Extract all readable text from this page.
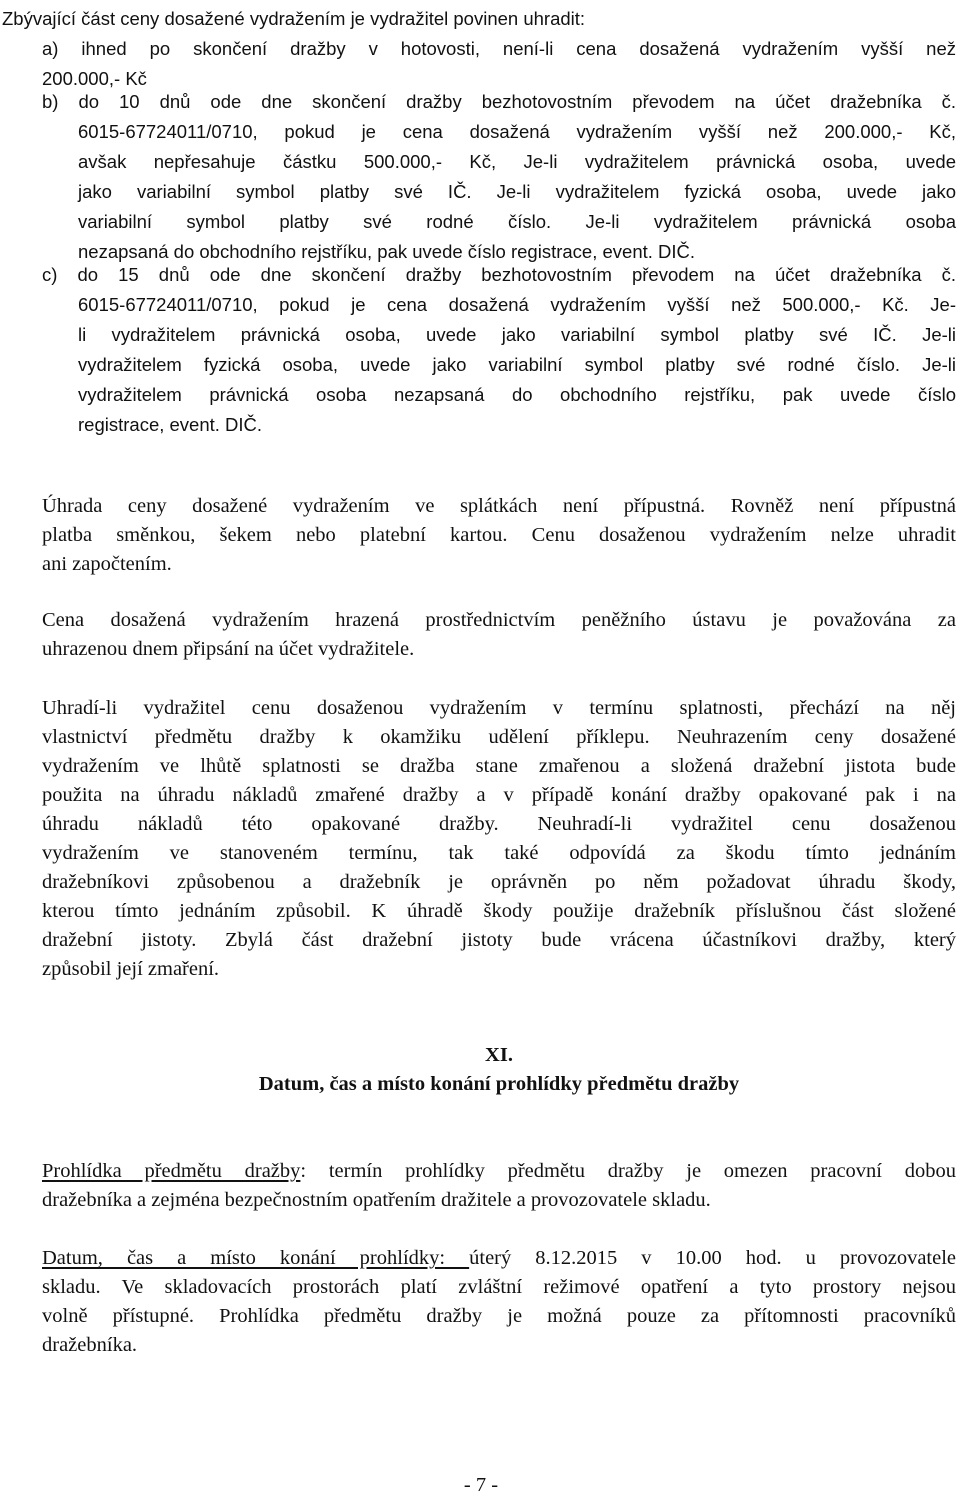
Zbývající část ceny dosažené vydražením je vydražitel povinen uhradit:
a) ihned po skončení dražby v hotovosti, není-li cena dosažená vydražením vyšší než
200.000,- Kč
b) do 10 dnů ode dne skončení dražby bezhotovostním převodem na účet dražebníka č.
6015-67724011/0710, pokud je cena dosažená vydražením vyšší než 200.000,- Kč,
avšak nepřesahuje částku 500.000,- Kč, Je-li vydražitelem právnická osoba, uvede
jako variabilní symbol platby své IČ. Je-li vydražitelem fyzická osoba, uvede jako
variabilní symbol platby své rodné číslo. Je-li vydražitelem právnická osoba
nezapsaná do obchodního rejstříku, pak uvede číslo registrace, event. DIČ.
c) do 15 dnů ode dne skončení dražby bezhotovostním převodem na účet dražebníka č.
6015-67724011/0710, pokud je cena dosažená vydražením vyšší než 500.000,- Kč. Je-
li vydražitelem právnická osoba, uvede jako variabilní symbol platby své IČ. Je-li
vydražitelem fyzická osoba, uvede jako variabilní symbol platby své rodné číslo. Je-li
vydražitelem právnická osoba nezapsaná do obchodního rejstříku, pak uvede číslo
registrace, event. DIČ.
Úhrada ceny dosažené vydražením ve splátkách není přípustná. Rovněž není přípustná
platba směnkou, šekem nebo platební kartou. Cenu dosaženou vydražením nelze uhradit
ani započtením.
Cena dosažená vydražením hrazená prostřednictvím peněžního ústavu je považována za
uhrazenou dnem připsání na účet vydražitele.
Uhradí-li vydražitel cenu dosaženou vydražením v termínu splatnosti, přechází na něj
vlastnictví předmětu dražby k okamžiku udělení příklepu. Neuhrazením ceny dosažené
vydražením ve lhůtě splatnosti se dražba stane zmařenou a složená dražební jistota bude
použita na úhradu nákladů zmařené dražby a v případě konání dražby opakované pak i na
úhradu nákladů této opakované dražby. Neuhradí-li vydražitel cenu dosaženou
vydražením ve stanoveném termínu, tak také odpovídá za škodu tímto jednáním
dražebníkovi způsobenou a dražebník je oprávněn po něm požadovat úhradu škody,
kterou tímto jednáním způsobil. K úhradě škody použije dražebník příslušnou část složené
dražební jistoty. Zbylá část dražební jistoty bude vrácena účastníkovi dražby, který
způsobil její zmaření.
XI.
Datum, čas a místo konání prohlídky předmětu dražby
Prohlídka předmětu dražby: termín prohlídky předmětu dražby je omezen pracovní dobou
dražebníka a zejména bezpečnostním opatřením dražitele a provozovatele skladu.
Datum, čas a místo konání prohlídky: úterý 8.12.2015 v 10.00 hod. u provozovatele
skladu. Ve skladovacích prostorách platí zvláštní režimové opatření a tyto prostory nejsou
volně přístupné. Prohlídka předmětu dražby je možná pouze za přítomnosti pracovníků
dražebníka.
- 7 -
